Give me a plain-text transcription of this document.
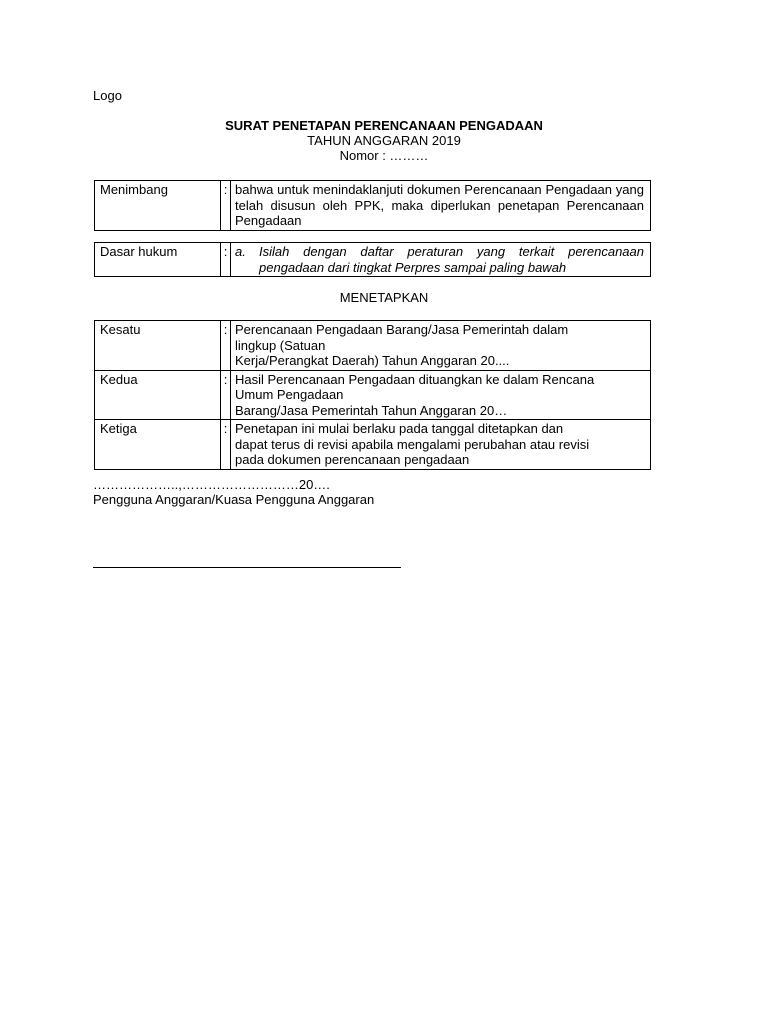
Logo
SURAT PENETAPAN PERENCANAAN PENGADAAN
TAHUN ANGGARAN 2019
Nomor : ………
Menimbang	:	bahwa untuk menindaklanjuti dokumen Perencanaan Pengadaan yang telah disusun oleh PPK, maka diperlukan penetapan Perencanaan Pengadaan
Dasar hukum	:	a.	Isilah dengan daftar peraturan yang terkait perencanaan pengadaan dari tingkat Perpres sampai paling bawah
MENETAPKAN
Kesatu	:	Perencanaan Pengadaan Barang/Jasa Pemerintah dalam
lingkup (Satuan
Kerja/Perangkat Daerah) Tahun Anggaran 20....

Kedua	:	Hasil Perencanaan Pengadaan dituangkan ke dalam Rencana
Umum Pengadaan
Barang/Jasa Pemerintah Tahun Anggaran 20…

Ketiga	:	Penetapan ini mulai berlaku pada tanggal ditetapkan dan
dapat terus di revisi apabila mengalami perubahan atau revisi
pada dokumen perencanaan pengadaan
………………..,………………………20….
Pengguna Anggaran/Kuasa Pengguna Anggaran
